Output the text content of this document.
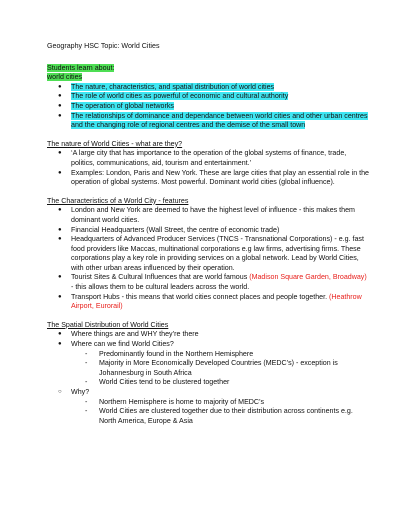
Geography HSC Topic: World Cities
Students learn about:
world cities
● The nature, characteristics, and spatial distribution of world cities
● The role of world cities as powerful of economic and cultural authority
● The operation of global networks
● The relationships of dominance and dependance between world cities and other urban centres and the changing role of regional centres and the demise of the small town
The nature of World Cities - what are they?
● ‘A large city that has importance to the operation of the global systems of finance, trade, politics, communications, aid, tourism and entertainment.’
● Examples: London, Paris and New York. These are large cities that play an essential role in the operation of global systems. Most powerful. Dominant world cities (global influence).
The Characteristics of a World City - features
● London and New York are deemed to have the highest level of influence - this makes them dominant world cities.
● Financial Headquarters (Wall Street, the centre of economic trade)
● Headquarters of Advanced Producer Services (TNCS - Transnational Corporations) - e.g. fast food providers like Maccas, multinational corporations e.g law firms, advertising firms. These corporations play a key role in providing services on a global network. Lead by World Cities, with other urban areas influenced by their operation.
● Tourist Sites & Cultural Influences that are world famous (Madison Square Garden, Broadway) - this allows them to be cultural leaders across the world.
● Transport Hubs - this means that world cities connect places and people together. (Heathrow Airport, Eurorail)
The Spatial Distribution of World Cities
● Where things are and WHY they’re there
● Where can we find World Cities?
- Predominantly found in the Northern Hemisphere
- Majority in More Economically Developed Countries (MEDC’s) - exception is Johannesburg in South Africa
- World Cities tend to be clustered together
○ Why?
- Northern Hemisphere is home to majority of MEDC’s
- World Cities are clustered together due to their distribution across continents e.g. North America, Europe & Asia
